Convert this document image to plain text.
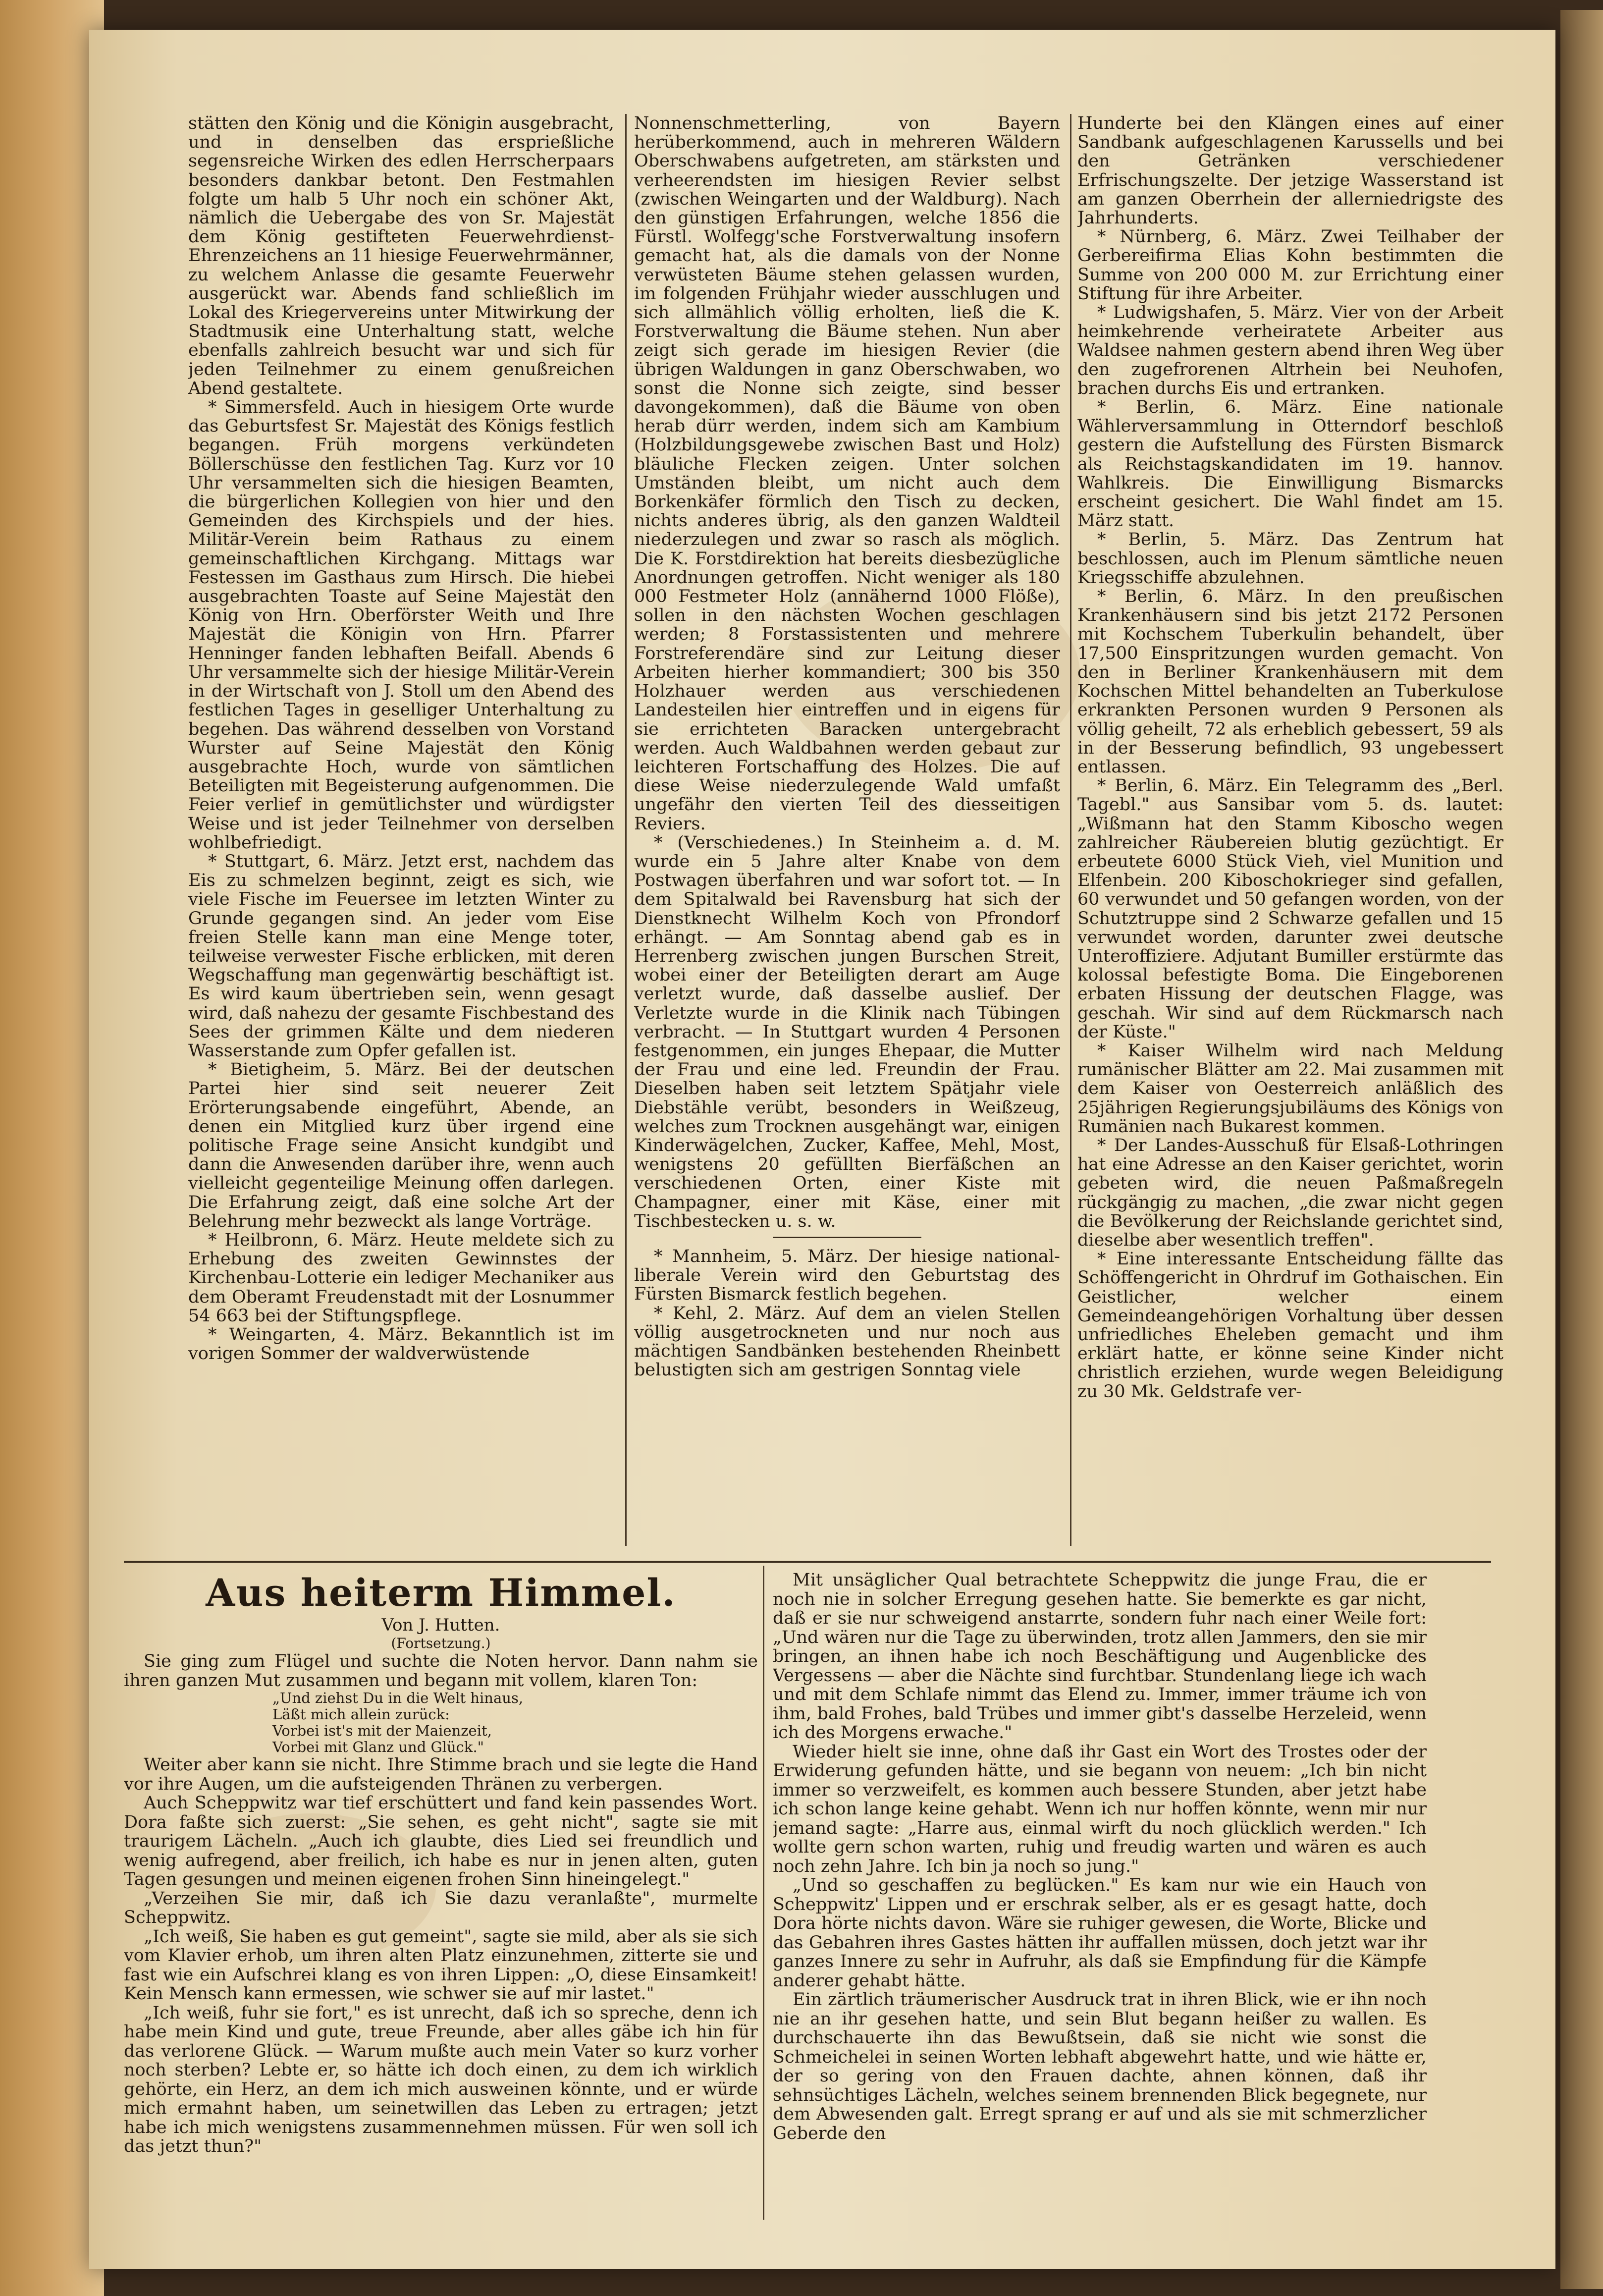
stätten den König und die Königin ausgebracht, und in denselben das ersprießliche segensreiche Wirken des edlen Herrscherpaars besonders dankbar betont. Den Festmahlen folgte um halb 5 Uhr noch ein schöner Akt, nämlich die Uebergabe des von Sr. Majestät dem König gestifteten Feuerwehrdienst-Ehrenzeichens an 11 hiesige Feuerwehrmänner, zu welchem Anlasse die gesamte Feuerwehr ausgerückt war. Abends fand schließlich im Lokal des Kriegervereins unter Mitwirkung der Stadtmusik eine Unterhaltung statt, welche ebenfalls zahlreich besucht war und sich für jeden Teilnehmer zu einem genußreichen Abend gestaltete.

* Simmersfeld. Auch in hiesigem Orte wurde das Geburtsfest Sr. Majestät des Königs festlich begangen. Früh morgens verkündeten Böllerschüsse den festlichen Tag. Kurz vor 10 Uhr versammelten sich die hiesigen Beamten, die bürgerlichen Kollegien von hier und den Gemeinden des Kirchspiels und der hies. Militär-Verein beim Rathaus zu einem gemeinschaftlichen Kirchgang. Mittags war Festessen im Gasthaus zum Hirsch. Die hiebei ausgebrachten Toaste auf Seine Majestät den König von Hrn. Oberförster Weith und Ihre Majestät die Königin von Hrn. Pfarrer Henninger fanden lebhaften Beifall. Abends 6 Uhr versammelte sich der hiesige Militär-Verein in der Wirtschaft von J. Stoll um den Abend des festlichen Tages in geselliger Unterhaltung zu begehen. Das während desselben von Vorstand Wurster auf Seine Majestät den König ausgebrachte Hoch, wurde von sämtlichen Beteiligten mit Begeisterung aufgenommen. Die Feier verlief in gemütlichster und würdigster Weise und ist jeder Teilnehmer von derselben wohlbefriedigt.

* Stuttgart, 6. März. Jetzt erst, nachdem das Eis zu schmelzen beginnt, zeigt es sich, wie viele Fische im Feuersee im letzten Winter zu Grunde gegangen sind. An jeder vom Eise freien Stelle kann man eine Menge toter, teilweise verwester Fische erblicken, mit deren Wegschaffung man gegenwärtig beschäftigt ist. Es wird kaum übertrieben sein, wenn gesagt wird, daß nahezu der gesamte Fischbestand des Sees der grimmen Kälte und dem niederen Wasserstande zum Opfer gefallen ist.

* Bietigheim, 5. März. Bei der deutschen Partei hier sind seit neuerer Zeit Erörterungsabende eingeführt, Abende, an denen ein Mitglied kurz über irgend eine politische Frage seine Ansicht kundgibt und dann die Anwesenden darüber ihre, wenn auch vielleicht gegenteilige Meinung offen darlegen. Die Erfahrung zeigt, daß eine solche Art der Belehrung mehr bezweckt als lange Vorträge.

* Heilbronn, 6. März. Heute meldete sich zu Erhebung des zweiten Gewinnstes der Kirchenbau-Lotterie ein lediger Mechaniker aus dem Oberamt Freudenstadt mit der Losnummer 54 663 bei der Stiftungspflege.

* Weingarten, 4. März. Bekanntlich ist im vorigen Sommer der waldverwüstende

Nonnenschmetterling, von Bayern herüberkommend, auch in mehreren Wäldern Oberschwabens aufgetreten, am stärksten und verheerendsten im hiesigen Revier selbst (zwischen Weingarten und der Waldburg). Nach den günstigen Erfahrungen, welche 1856 die Fürstl. Wolfegg'sche Forstverwaltung insofern gemacht hat, als die damals von der Nonne verwüsteten Bäume stehen gelassen wurden, im folgenden Frühjahr wieder ausschlugen und sich allmählich völlig erholten, ließ die K. Forstverwaltung die Bäume stehen. Nun aber zeigt sich gerade im hiesigen Revier (die übrigen Waldungen in ganz Oberschwaben, wo sonst die Nonne sich zeigte, sind besser davongekommen), daß die Bäume von oben herab dürr werden, indem sich am Kambium (Holzbildungsgewebe zwischen Bast und Holz) bläuliche Flecken zeigen. Unter solchen Umständen bleibt, um nicht auch dem Borkenkäfer förmlich den Tisch zu decken, nichts anderes übrig, als den ganzen Waldteil niederzulegen und zwar so rasch als möglich. Die K. Forstdirektion hat bereits diesbezügliche Anordnungen getroffen. Nicht weniger als 180 000 Festmeter Holz (annähernd 1000 Flöße), sollen in den nächsten Wochen geschlagen werden; 8 Forstassistenten und mehrere Forstreferendäre sind zur Leitung dieser Arbeiten hierher kommandiert; 300 bis 350 Holzhauer werden aus verschiedenen Landesteilen hier eintreffen und in eigens für sie errichteten Baracken untergebracht werden. Auch Waldbahnen werden gebaut zur leichteren Fortschaffung des Holzes. Die auf diese Weise niederzulegende Wald umfaßt ungefähr den vierten Teil des diesseitigen Reviers.

* (Verschiedenes.) In Steinheim a. d. M. wurde ein 5 Jahre alter Knabe von dem Postwagen überfahren und war sofort tot. — In dem Spitalwald bei Ravensburg hat sich der Dienstknecht Wilhelm Koch von Pfrondorf erhängt. — Am Sonntag abend gab es in Herrenberg zwischen jungen Burschen Streit, wobei einer der Beteiligten derart am Auge verletzt wurde, daß dasselbe auslief. Der Verletzte wurde in die Klinik nach Tübingen verbracht. — In Stuttgart wurden 4 Personen festgenommen, ein junges Ehepaar, die Mutter der Frau und eine led. Freundin der Frau. Dieselben haben seit letztem Spätjahr viele Diebstähle verübt, besonders in Weißzeug, welches zum Trocknen ausgehängt war, einigen Kinderwägelchen, Zucker, Kaffee, Mehl, Most, wenigstens 20 gefüllten Bierfäßchen an verschiedenen Orten, einer Kiste mit Champagner, einer mit Käse, einer mit Tischbestecken u. s. w.

* Mannheim, 5. März. Der hiesige national-liberale Verein wird den Geburtstag des Fürsten Bismarck festlich begehen.

* Kehl, 2. März. Auf dem an vielen Stellen völlig ausgetrockneten und nur noch aus mächtigen Sandbänken bestehenden Rheinbett belustigten sich am gestrigen Sonntag viele

Hunderte bei den Klängen eines auf einer Sandbank aufgeschlagenen Karussells und bei den Getränken verschiedener Erfrischungszelte. Der jetzige Wasserstand ist am ganzen Oberrhein der allerniedrigste des Jahrhunderts.

* Nürnberg, 6. März. Zwei Teilhaber der Gerbereifirma Elias Kohn bestimmten die Summe von 200 000 M. zur Errichtung einer Stiftung für ihre Arbeiter.

* Ludwigshafen, 5. März. Vier von der Arbeit heimkehrende verheiratete Arbeiter aus Waldsee nahmen gestern abend ihren Weg über den zugefrorenen Altrhein bei Neuhofen, brachen durchs Eis und ertranken.

* Berlin, 6. März. Eine nationale Wählerversammlung in Otterndorf beschloß gestern die Aufstellung des Fürsten Bismarck als Reichstagskandidaten im 19. hannov. Wahlkreis. Die Einwilligung Bismarcks erscheint gesichert. Die Wahl findet am 15. März statt.

* Berlin, 5. März. Das Zentrum hat beschlossen, auch im Plenum sämtliche neuen Kriegsschiffe abzulehnen.

* Berlin, 6. März. In den preußischen Krankenhäusern sind bis jetzt 2172 Personen mit Kochschem Tuberkulin behandelt, über 17,500 Einspritzungen wurden gemacht. Von den in Berliner Krankenhäusern mit dem Kochschen Mittel behandelten an Tuberkulose erkrankten Personen wurden 9 Personen als völlig geheilt, 72 als erheblich gebessert, 59 als in der Besserung befindlich, 93 ungebessert entlassen.

* Berlin, 6. März. Ein Telegramm des „Berl. Tagebl." aus Sansibar vom 5. ds. lautet: „Wißmann hat den Stamm Kiboscho wegen zahlreicher Räubereien blutig gezüchtigt. Er erbeutete 6000 Stück Vieh, viel Munition und Elfenbein. 200 Kiboschokrieger sind gefallen, 60 verwundet und 50 gefangen worden, von der Schutztruppe sind 2 Schwarze gefallen und 15 verwundet worden, darunter zwei deutsche Unteroffiziere. Adjutant Bumiller erstürmte das kolossal befestigte Boma. Die Eingeborenen erbaten Hissung der deutschen Flagge, was geschah. Wir sind auf dem Rückmarsch nach der Küste."

* Kaiser Wilhelm wird nach Meldung rumänischer Blätter am 22. Mai zusammen mit dem Kaiser von Oesterreich anläßlich des 25jährigen Regierungsjubiläums des Königs von Rumänien nach Bukarest kommen.

* Der Landes-Ausschuß für Elsaß-Lothringen hat eine Adresse an den Kaiser gerichtet, worin gebeten wird, die neuen Paßmaßregeln rückgängig zu machen, „die zwar nicht gegen die Bevölkerung der Reichslande gerichtet sind, dieselbe aber wesentlich treffen".

* Eine interessante Entscheidung fällte das Schöffengericht in Ohrdruf im Gothaischen. Ein Geistlicher, welcher einem Gemeindeangehörigen Vorhaltung über dessen unfriedliches Eheleben gemacht und ihm erklärt hatte, er könne seine Kinder nicht christlich erziehen, wurde wegen Beleidigung zu 30 Mk. Geldstrafe ver-

Aus heiterm Himmel.

Von J. Hutten.

(Fortsetzung.)

Sie ging zum Flügel und suchte die Noten hervor. Dann nahm sie ihren ganzen Mut zusammen und begann mit vollem, klaren Ton:

„Und ziehst Du in die Welt hinaus,

Läßt mich allein zurück:

Vorbei ist's mit der Maienzeit,

Vorbei mit Glanz und Glück."

Weiter aber kann sie nicht. Ihre Stimme brach und sie legte die Hand vor ihre Augen, um die aufsteigenden Thränen zu verbergen.

Auch Scheppwitz war tief erschüttert und fand kein passendes Wort. Dora faßte sich zuerst: „Sie sehen, es geht nicht", sagte sie mit traurigem Lächeln. „Auch ich glaubte, dies Lied sei freundlich und wenig aufregend, aber freilich, ich habe es nur in jenen alten, guten Tagen gesungen und meinen eigenen frohen Sinn hineingelegt."

„Verzeihen Sie mir, daß ich Sie dazu veranlaßte", murmelte Scheppwitz.

„Ich weiß, Sie haben es gut gemeint", sagte sie mild, aber als sie sich vom Klavier erhob, um ihren alten Platz einzunehmen, zitterte sie und fast wie ein Aufschrei klang es von ihren Lippen: „O, diese Einsamkeit! Kein Mensch kann ermessen, wie schwer sie auf mir lastet."

„Ich weiß, fuhr sie fort," es ist unrecht, daß ich so spreche, denn ich habe mein Kind und gute, treue Freunde, aber alles gäbe ich hin für das verlorene Glück. — Warum mußte auch mein Vater so kurz vorher noch sterben? Lebte er, so hätte ich doch einen, zu dem ich wirklich gehörte, ein Herz, an dem ich mich ausweinen könnte, und er würde mich ermahnt haben, um seinetwillen das Leben zu ertragen; jetzt habe ich mich wenigstens zusammennehmen müssen. Für wen soll ich das jetzt thun?"

Mit unsäglicher Qual betrachtete Scheppwitz die junge Frau, die er noch nie in solcher Erregung gesehen hatte. Sie bemerkte es gar nicht, daß er sie nur schweigend anstarrte, sondern fuhr nach einer Weile fort: „Und wären nur die Tage zu überwinden, trotz allen Jammers, den sie mir bringen, an ihnen habe ich noch Beschäftigung und Augenblicke des Vergessens — aber die Nächte sind furchtbar. Stundenlang liege ich wach und mit dem Schlafe nimmt das Elend zu. Immer, immer träume ich von ihm, bald Frohes, bald Trübes und immer gibt's dasselbe Herzeleid, wenn ich des Morgens erwache."

Wieder hielt sie inne, ohne daß ihr Gast ein Wort des Trostes oder der Erwiderung gefunden hätte, und sie begann von neuem: „Ich bin nicht immer so verzweifelt, es kommen auch bessere Stunden, aber jetzt habe ich schon lange keine gehabt. Wenn ich nur hoffen könnte, wenn mir nur jemand sagte: „Harre aus, einmal wirft du noch glücklich werden." Ich wollte gern schon warten, ruhig und freudig warten und wären es auch noch zehn Jahre. Ich bin ja noch so jung."

„Und so geschaffen zu beglücken." Es kam nur wie ein Hauch von Scheppwitz' Lippen und er erschrak selber, als er es gesagt hatte, doch Dora hörte nichts davon. Wäre sie ruhiger gewesen, die Worte, Blicke und das Gebahren ihres Gastes hätten ihr auffallen müssen, doch jetzt war ihr ganzes Innere zu sehr in Aufruhr, als daß sie Empfindung für die Kämpfe anderer gehabt hätte.

Ein zärtlich träumerischer Ausdruck trat in ihren Blick, wie er ihn noch nie an ihr gesehen hatte, und sein Blut begann heißer zu wallen. Es durchschauerte ihn das Bewußtsein, daß sie nicht wie sonst die Schmeichelei in seinen Worten lebhaft abgewehrt hatte, und wie hätte er, der so gering von den Frauen dachte, ahnen können, daß ihr sehnsüchtiges Lächeln, welches seinem brennenden Blick begegnete, nur dem Abwesenden galt. Erregt sprang er auf und als sie mit schmerzlicher Geberde den
